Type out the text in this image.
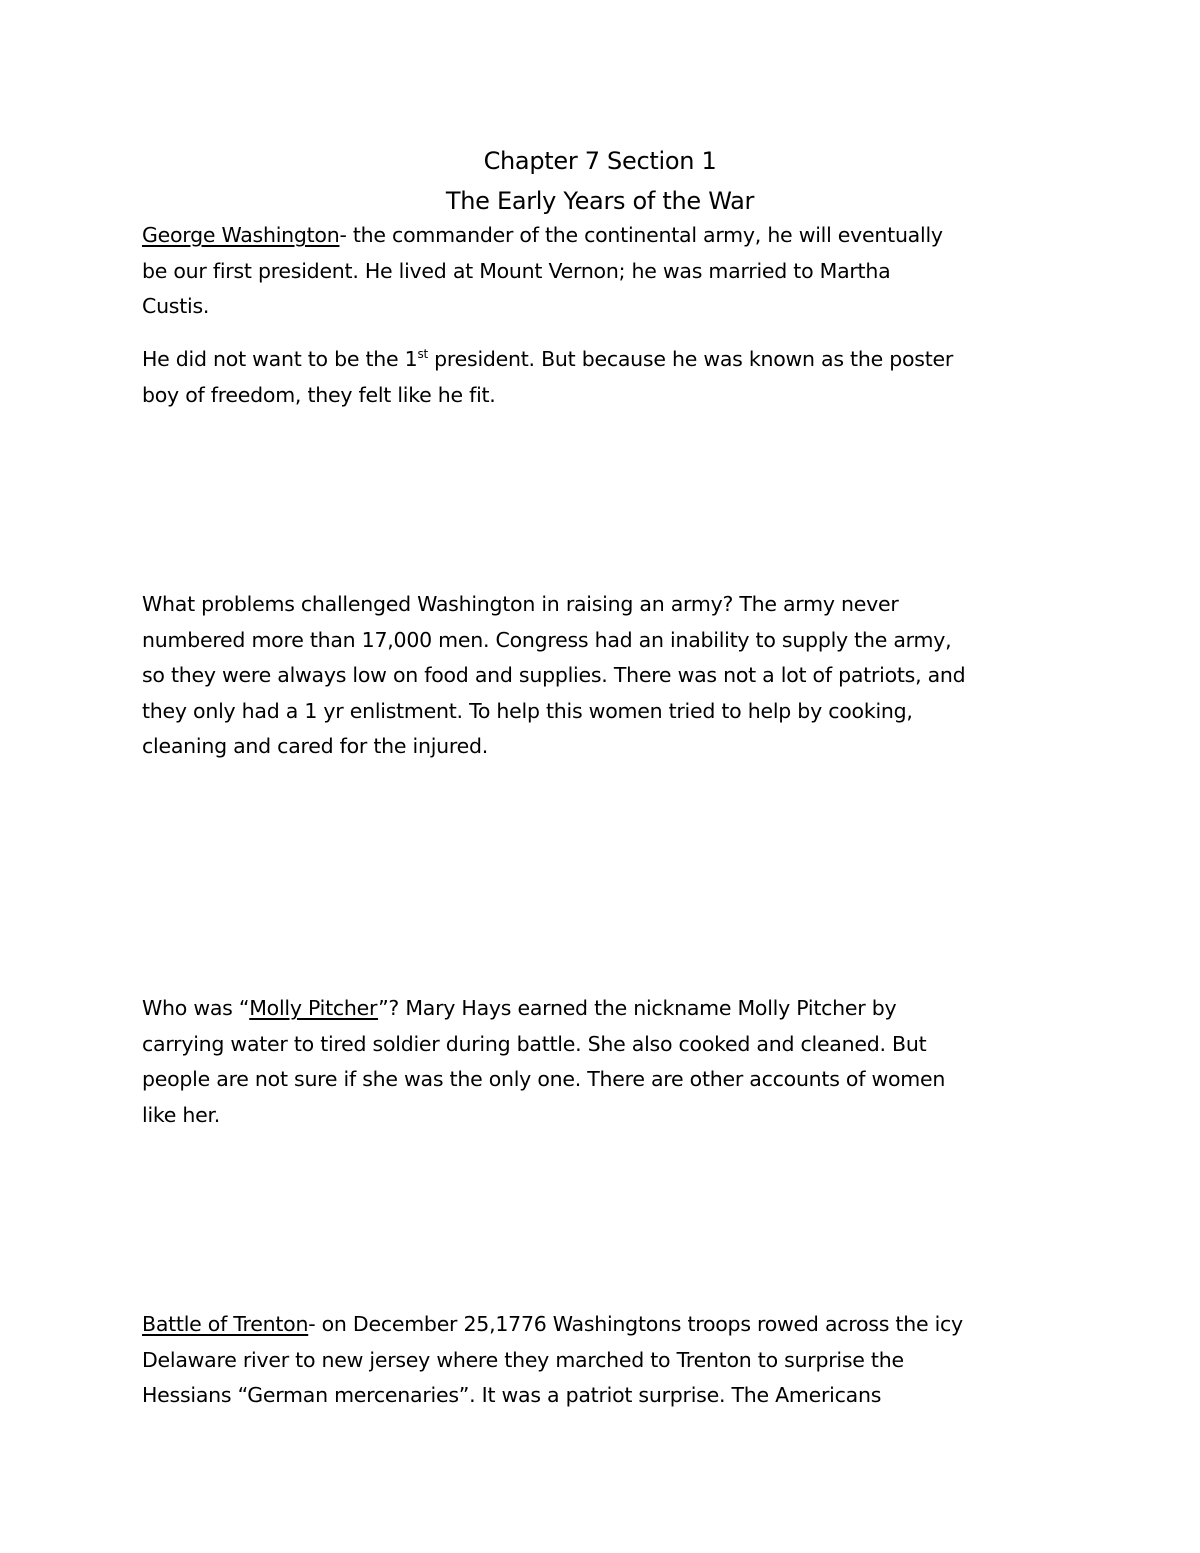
Chapter 7 Section 1
The Early Years of the War
George Washington- the commander of the continental army, he will eventually
be our first president. He lived at Mount Vernon; he was married to Martha
Custis.
He did not want to be the 1st president. But because he was known as the poster
boy of freedom, they felt like he fit.
What problems challenged Washington in raising an army? The army never
numbered more than 17,000 men. Congress had an inability to supply the army,
so they were always low on food and supplies. There was not a lot of patriots, and
they only had a 1 yr enlistment. To help this women tried to help by cooking,
cleaning and cared for the injured.
Who was “Molly Pitcher”? Mary Hays earned the nickname Molly Pitcher by
carrying water to tired soldier during battle. She also cooked and cleaned. But
people are not sure if she was the only one. There are other accounts of women
like her.
Battle of Trenton- on December 25,1776 Washingtons troops rowed across the icy
Delaware river to new jersey where they marched to Trenton to surprise the
Hessians “German mercenaries”. It was a patriot surprise. The Americans
